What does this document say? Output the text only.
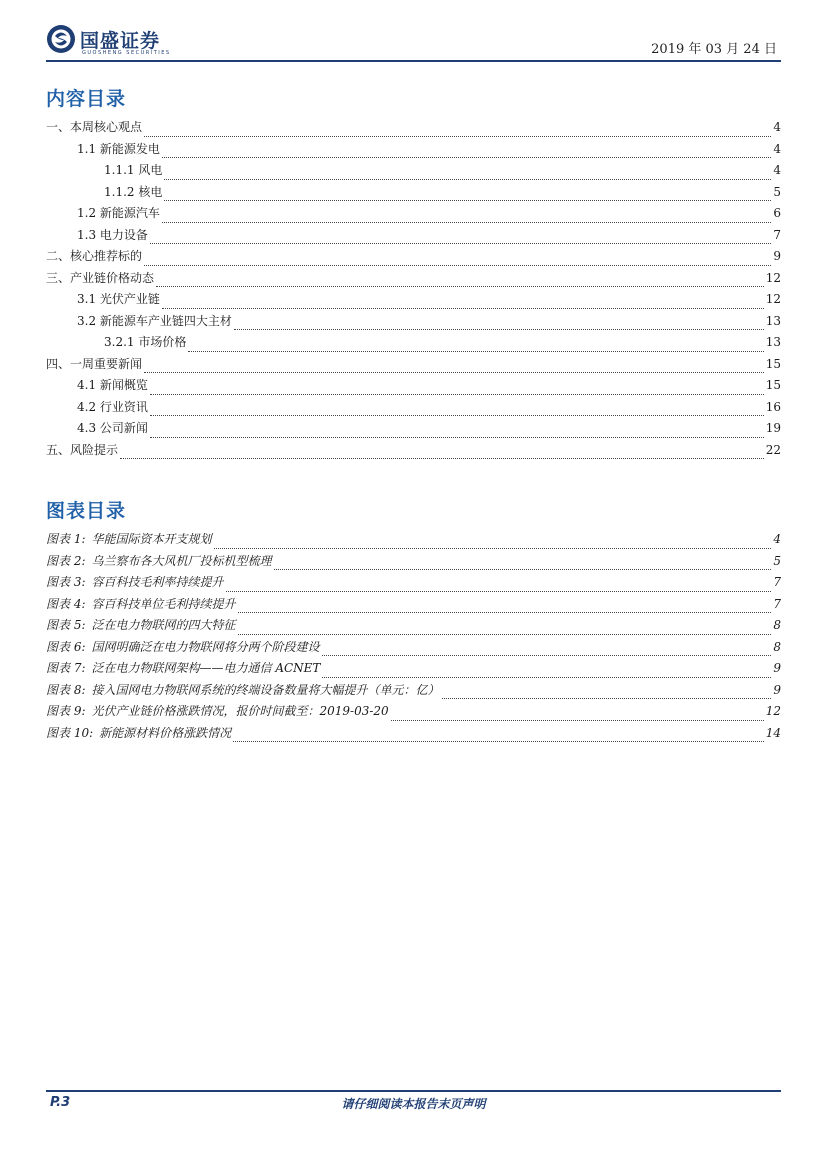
国盛证券
GUOSHENG SECURITIES	2019 年 03 月 24 日
内容目录
一、本周核心观点	4
1.1 新能源发电	4
1.1.1 风电	4
1.1.2 核电	5
1.2 新能源汽车	6
1.3 电力设备	7
二、核心推荐标的	9
三、产业链价格动态	12
3.1 光伏产业链	12
3.2 新能源车产业链四大主材	13
3.2.1 市场价格	13
四、一周重要新闻	15
4.1 新闻概览	15
4.2 行业资讯	16
4.3 公司新闻	19
五、风险提示	22
图表目录
图表 1: 华能国际资本开支规划	4
图表 2: 乌兰察布各大风机厂投标机型梳理	5
图表 3: 容百科技毛利率持续提升	7
图表 4: 容百科技单位毛利持续提升	7
图表 5: 泛在电力物联网的四大特征	8
图表 6: 国网明确泛在电力物联网将分两个阶段建设	8
图表 7: 泛在电力物联网架构——电力通信 ACNET	9
图表 8: 接入国网电力物联网系统的终端设备数量将大幅提升（单元：亿）	9
图表 9: 光伏产业链价格涨跌情况，报价时间截至：2019-03-20	12
图表 10: 新能源材料价格涨跌情况	14
P.3	请仔细阅读本报告末页声明
